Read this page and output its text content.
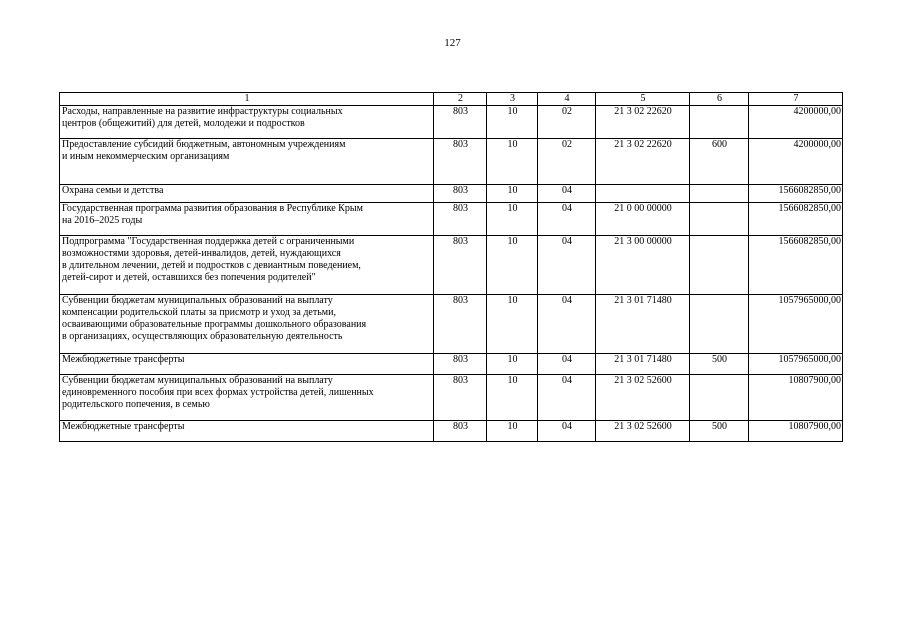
127
1	2	3	4	5	6	7

Расходы, направленные на развитие инфраструктуры социальных
центров (общежитий) для детей, молодежи и подростков	803	10	02	21 3 02 22620		4200000,00

Предоставление субсидий бюджетным, автономным учреждениям
и иным некоммерческим организациям	803	10	02	21 3 02 22620	600	4200000,00

Охрана семьи и детства	803	10	04			1566082850,00

Государственная программа развития образования в Республике Крым
на 2016–2025 годы	803	10	04	21 0 00 00000		1566082850,00

Подпрограмма "Государственная поддержка детей с ограниченными
возможностями здоровья, детей-инвалидов, детей, нуждающихся
в длительном лечении, детей и подростков с девиантным поведением,
детей-сирот и детей, оставшихся без попечения родителей"	803	10	04	21 3 00 00000		1566082850,00

Субвенции бюджетам муниципальных образований на выплату
компенсации родительской платы за присмотр и уход за детьми,
осваивающими образовательные программы дошкольного образования
в организациях, осуществляющих образовательную деятельность	803	10	04	21 3 01 71480		1057965000,00

Межбюджетные трансферты	803	10	04	21 3 01 71480	500	1057965000,00

Субвенции бюджетам муниципальных образований на выплату
единовременного пособия при всех формах устройства детей, лишенных
родительского попечения, в семью	803	10	04	21 3 02 52600		10807900,00

Межбюджетные трансферты	803	10	04	21 3 02 52600	500	10807900,00
